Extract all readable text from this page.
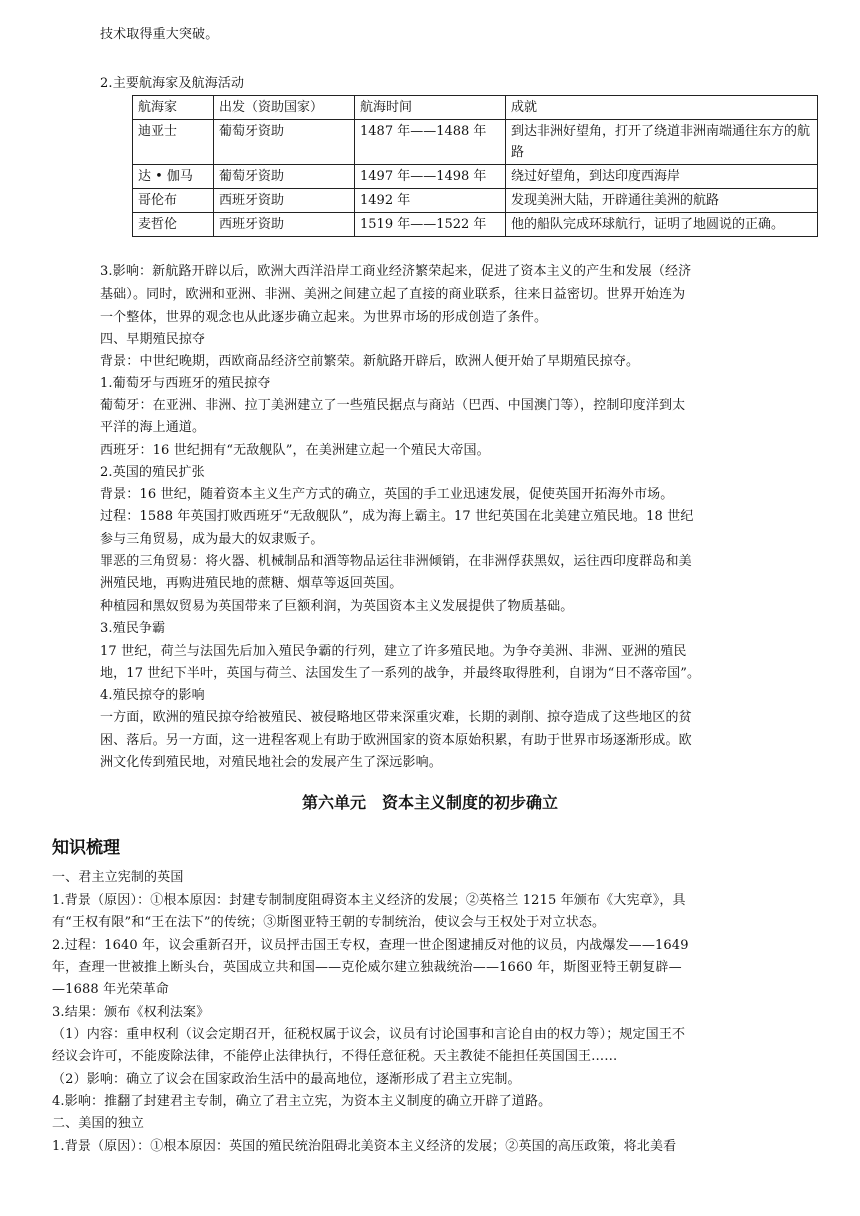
技术取得重大突破。
2.主要航海家及航海活动
航海家	出发（资助国家）	航海时间	成就
迪亚士	葡萄牙资助	1487 年——1488 年	到达非洲好望角，打开了绕道非洲南端通往东方的航路
达 • 伽马	葡萄牙资助	1497 年——1498 年	绕过好望角，到达印度西海岸
哥伦布	西班牙资助	1492 年	发现美洲大陆，开辟通往美洲的航路
麦哲伦	西班牙资助	1519 年——1522 年	他的船队完成环球航行，证明了地圆说的正确。
3.影响：新航路开辟以后，欧洲大西洋沿岸工商业经济繁荣起来，促进了资本主义的产生和发展（经济
基础）。同时，欧洲和亚洲、非洲、美洲之间建立起了直接的商业联系，往来日益密切。世界开始连为
一个整体，世界的观念也从此逐步确立起来。为世界市场的形成创造了条件。
四、早期殖民掠夺
背景：中世纪晚期，西欧商品经济空前繁荣。新航路开辟后，欧洲人便开始了早期殖民掠夺。
1.葡萄牙与西班牙的殖民掠夺
葡萄牙：在亚洲、非洲、拉丁美洲建立了一些殖民据点与商站（巴西、中国澳门等），控制印度洋到太
平洋的海上通道。
西班牙：16 世纪拥有“无敌舰队”，在美洲建立起一个殖民大帝国。
2.英国的殖民扩张
背景：16 世纪，随着资本主义生产方式的确立，英国的手工业迅速发展，促使英国开拓海外市场。
过程：1588 年英国打败西班牙“无敌舰队”，成为海上霸主。17 世纪英国在北美建立殖民地。18 世纪
参与三角贸易，成为最大的奴隶贩子。
罪恶的三角贸易：将火器、机械制品和酒等物品运往非洲倾销，在非洲俘获黑奴，运往西印度群岛和美
洲殖民地，再购进殖民地的蔗糖、烟草等返回英国。
种植园和黑奴贸易为英国带来了巨额利润，为英国资本主义发展提供了物质基础。
3.殖民争霸
17 世纪，荷兰与法国先后加入殖民争霸的行列，建立了许多殖民地。为争夺美洲、非洲、亚洲的殖民
地，17 世纪下半叶，英国与荷兰、法国发生了一系列的战争，并最终取得胜利，自诩为“日不落帝国”。
4.殖民掠夺的影响
一方面，欧洲的殖民掠夺给被殖民、被侵略地区带来深重灾难，长期的剥削、掠夺造成了这些地区的贫
困、落后。另一方面，这一进程客观上有助于欧洲国家的资本原始积累，有助于世界市场逐渐形成。欧
洲文化传到殖民地，对殖民地社会的发展产生了深远影响。
第六单元　资本主义制度的初步确立
知识梳理
一、君主立宪制的英国
1.背景（原因）：①根本原因：封建专制制度阻碍资本主义经济的发展；②英格兰 1215 年颁布《大宪章》，具
有“王权有限”和“王在法下”的传统；③斯图亚特王朝的专制统治，使议会与王权处于对立状态。
2.过程：1640 年，议会重新召开，议员抨击国王专权，查理一世企图逮捕反对他的议员，内战爆发——1649
年，查理一世被推上断头台，英国成立共和国——克伦威尔建立独裁统治——1660 年，斯图亚特王朝复辟—
—1688 年光荣革命
3.结果：颁布《权利法案》
（1）内容：重申权利（议会定期召开，征税权属于议会，议员有讨论国事和言论自由的权力等）；规定国王不
经议会许可，不能废除法律，不能停止法律执行，不得任意征税。天主教徒不能担任英国国王……
（2）影响：确立了议会在国家政治生活中的最高地位，逐渐形成了君主立宪制。
4.影响：推翻了封建君主专制，确立了君主立宪，为资本主义制度的确立开辟了道路。
二、美国的独立
1.背景（原因）：①根本原因：英国的殖民统治阻碍北美资本主义经济的发展；②英国的高压政策，将北美看
